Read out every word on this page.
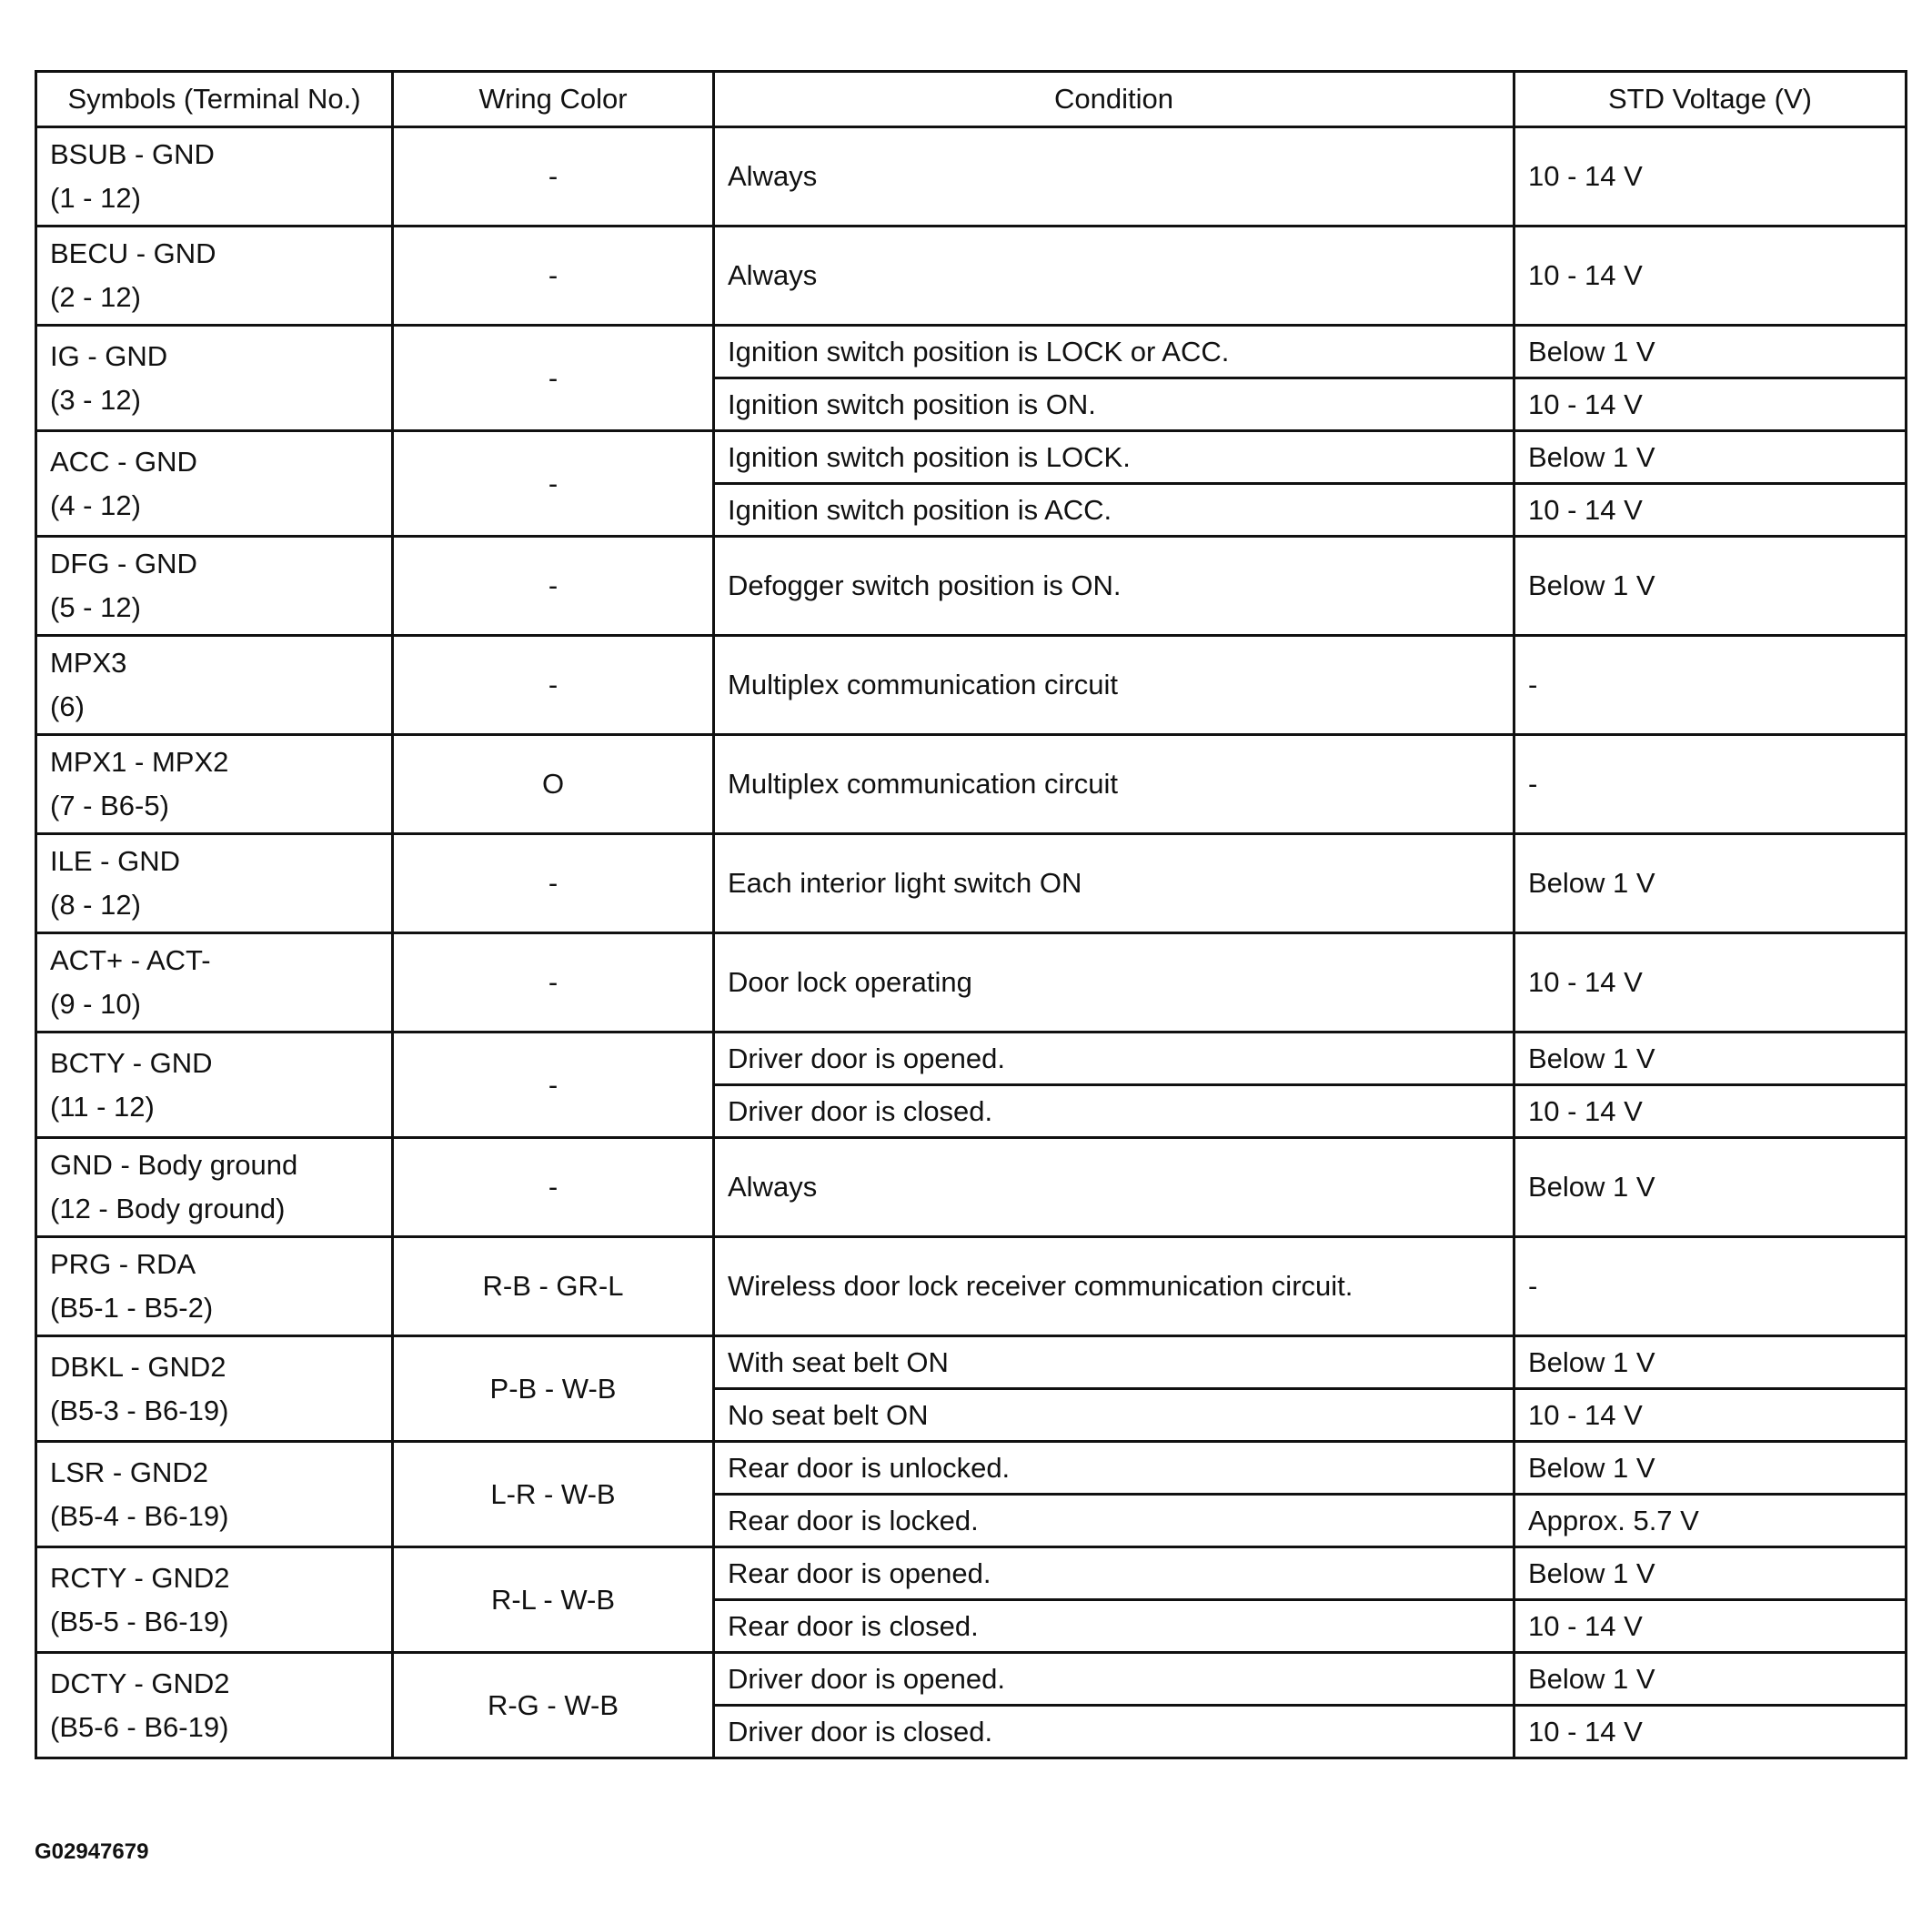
Symbols (Terminal No.)	Wring Color	Condition	STD Voltage (V)

BSUB - GND
(1 - 12)	-	Always	10 - 14 V

BECU - GND
(2 - 12)	-	Always	10 - 14 V

IG - GND
(3 - 12)	-	Ignition switch position is LOCK or ACC.	Below 1 V
		Ignition switch position is ON.	10 - 14 V

ACC - GND
(4 - 12)	-	Ignition switch position is LOCK.	Below 1 V
		Ignition switch position is ACC.	10 - 14 V

DFG - GND
(5 - 12)	-	Defogger switch position is ON.	Below 1 V

MPX3
(6)	-	Multiplex communication circuit	-

MPX1 - MPX2
(7 - B6-5)	O	Multiplex communication circuit	-

ILE - GND
(8 - 12)	-	Each interior light switch ON	Below 1 V

ACT+ - ACT-
(9 - 10)	-	Door lock operating	10 - 14 V

BCTY - GND
(11 - 12)	-	Driver door is opened.	Below 1 V
		Driver door is closed.	10 - 14 V

GND - Body ground
(12 - Body ground)	-	Always	Below 1 V

PRG - RDA
(B5-1 - B5-2)	R-B - GR-L	Wireless door lock receiver communication circuit.	-

DBKL - GND2
(B5-3 - B6-19)	P-B - W-B	With seat belt ON	Below 1 V
		No seat belt ON	10 - 14 V

LSR - GND2
(B5-4 - B6-19)	L-R - W-B	Rear door is unlocked.	Below 1 V
		Rear door is locked.	Approx. 5.7 V

RCTY - GND2
(B5-5 - B6-19)	R-L - W-B	Rear door is opened.	Below 1 V
		Rear door is closed.	10 - 14 V

DCTY - GND2
(B5-6 - B6-19)	R-G - W-B	Driver door is opened.	Below 1 V
		Driver door is closed.	10 - 14 V
G02947679
